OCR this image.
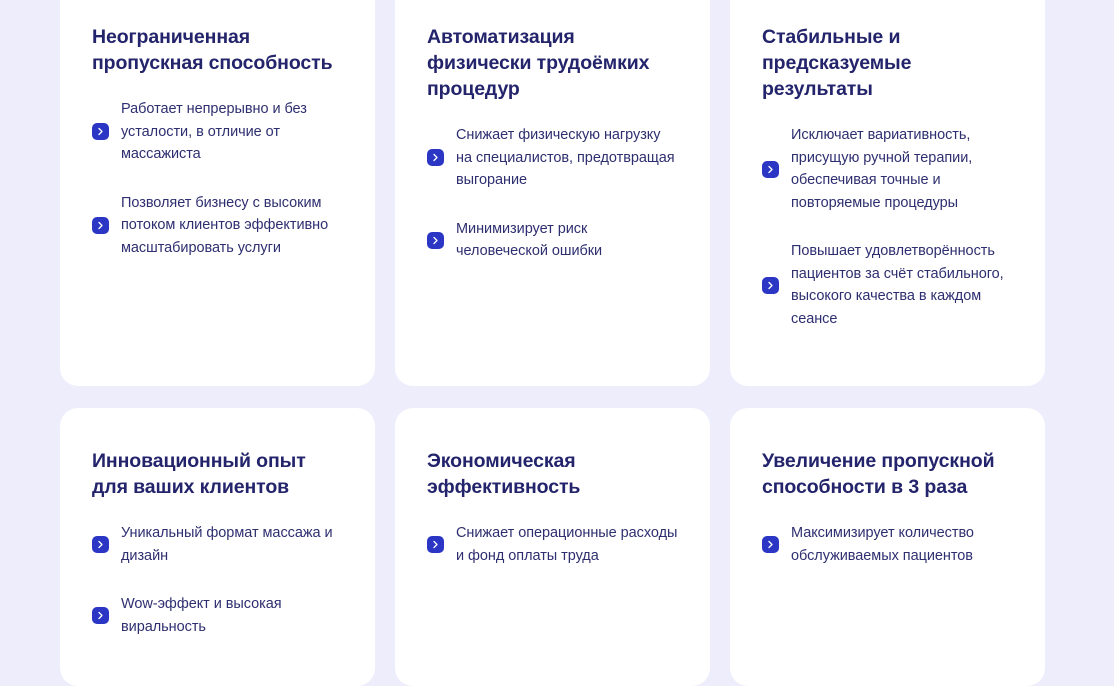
Неограниченная пропускная способность
Работает непрерывно и без усталости, в отличие от массажиста
Позволяет бизнесу с высоким потоком клиентов эффективно масштабировать услуги
Автоматизация физически трудоёмких процедур
Снижает физическую нагрузку на специалистов, предотвращая выгорание
Минимизирует риск человеческой ошибки
Стабильные и предсказуемые результаты
Исключает вариативность, присущую ручной терапии, обеспечивая точные и повторяемые процедуры
Повышает удовлетворённость пациентов за счёт стабильного, высокого качества в каждом сеансе
Инновационный опыт для ваших клиентов
Уникальный формат массажа и дизайн
Wow-эффект и высокая виральность
Экономическая эффективность
Снижает операционные расходы и фонд оплаты труда
Увеличение пропускной способности в 3 раза
Максимизирует количество обслуживаемых пациентов
